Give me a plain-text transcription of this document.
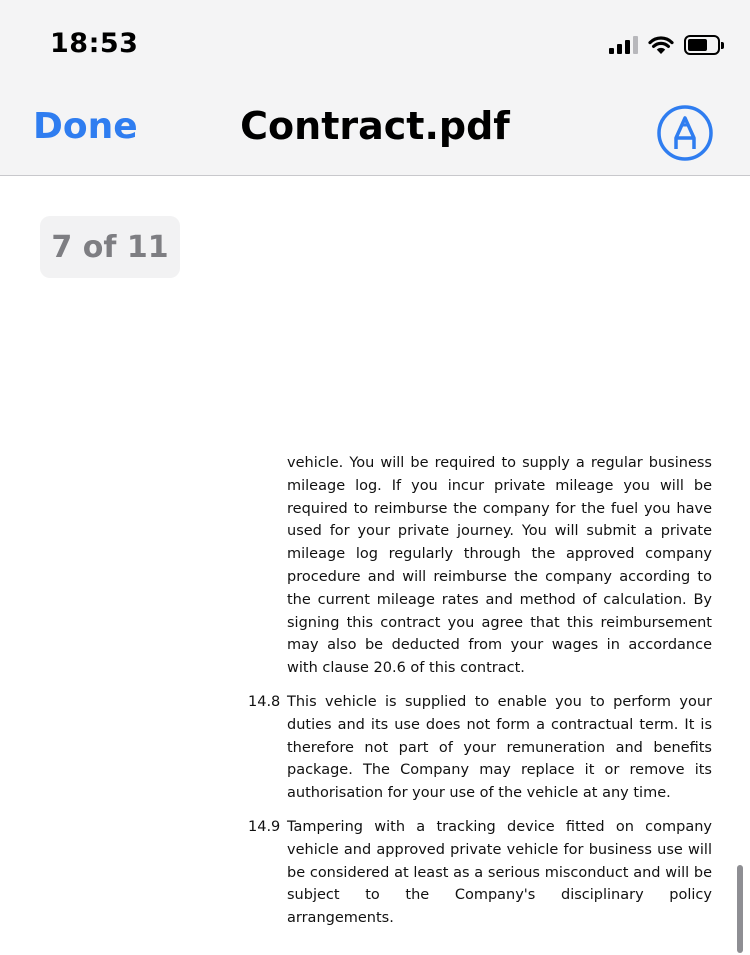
18:53
Done	Contract.pdf
7 of 11
vehicle. You will be required to supply a regular business mileage log. If you incur private mileage you will be required to reimburse the company for the fuel you have used for your private journey. You will submit a private mileage log regularly through the approved company procedure and will reimburse the company according to the current mileage rates and method of calculation. By signing this contract you agree that this reimbursement may also be deducted from your wages in accordance with clause 20.6 of this contract.
14.8 This vehicle is supplied to enable you to perform your duties and its use does not form a contractual term. It is therefore not part of your remuneration and benefits package. The Company may replace it or remove its authorisation for your use of the vehicle at any time.
14.9 Tampering with a tracking device fitted on company vehicle and approved private vehicle for business use will be considered at least as a serious misconduct and will be subject to the Company's disciplinary policy arrangements.
